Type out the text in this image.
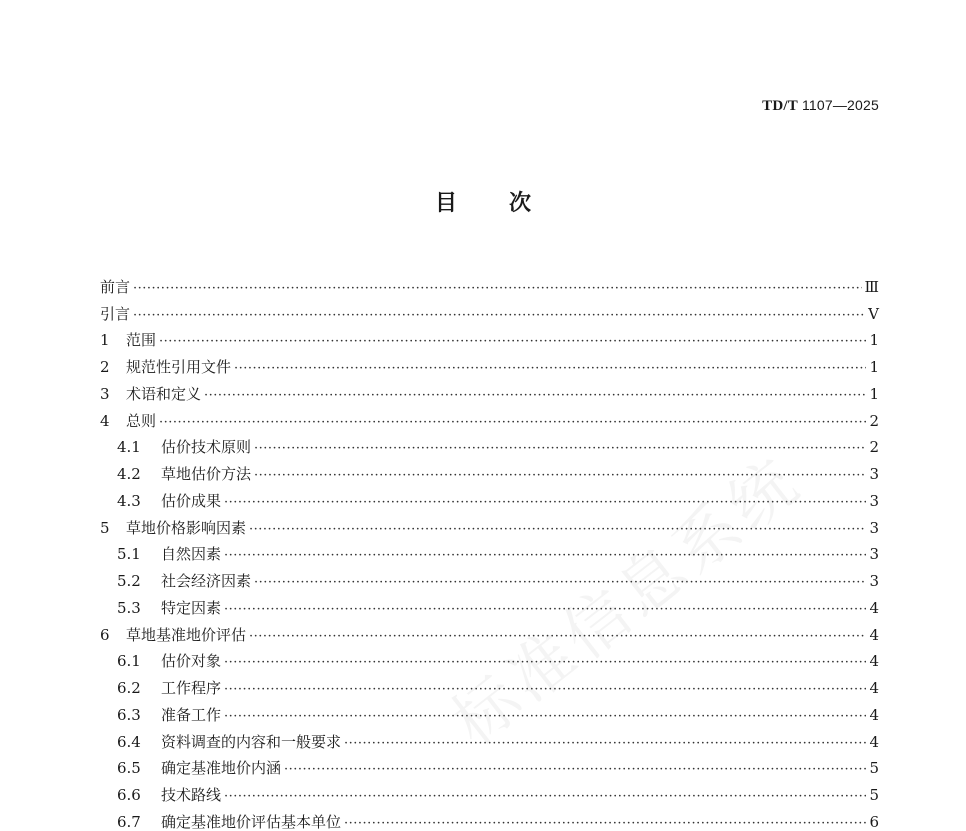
TD/T 1107—2025
目次
前言 ·····	Ⅲ
引言 ·····	Ⅴ
1	范围 ·····	1
2	规范性引用文件 ·····	1
3	术语和定义 ·····	1
4	总则 ·····	2
4.1	估价技术原则 ·····	2
4.2	草地估价方法 ·····	3
4.3	估价成果 ·····	3
5	草地价格影响因素 ·····	3
5.1	自然因素 ·····	3
5.2	社会经济因素 ·····	3
5.3	特定因素 ·····	4
6	草地基准地价评估 ·····	4
6.1	估价对象 ·····	4
6.2	工作程序 ·····	4
6.3	准备工作 ·····	4
6.4	资料调查的内容和一般要求 ·····	4
6.5	确定基准地价内涵 ·····	5
6.6	技术路线 ·····	5
6.7	确定基准地价评估基本单位 ·····	6
标准信息系统
